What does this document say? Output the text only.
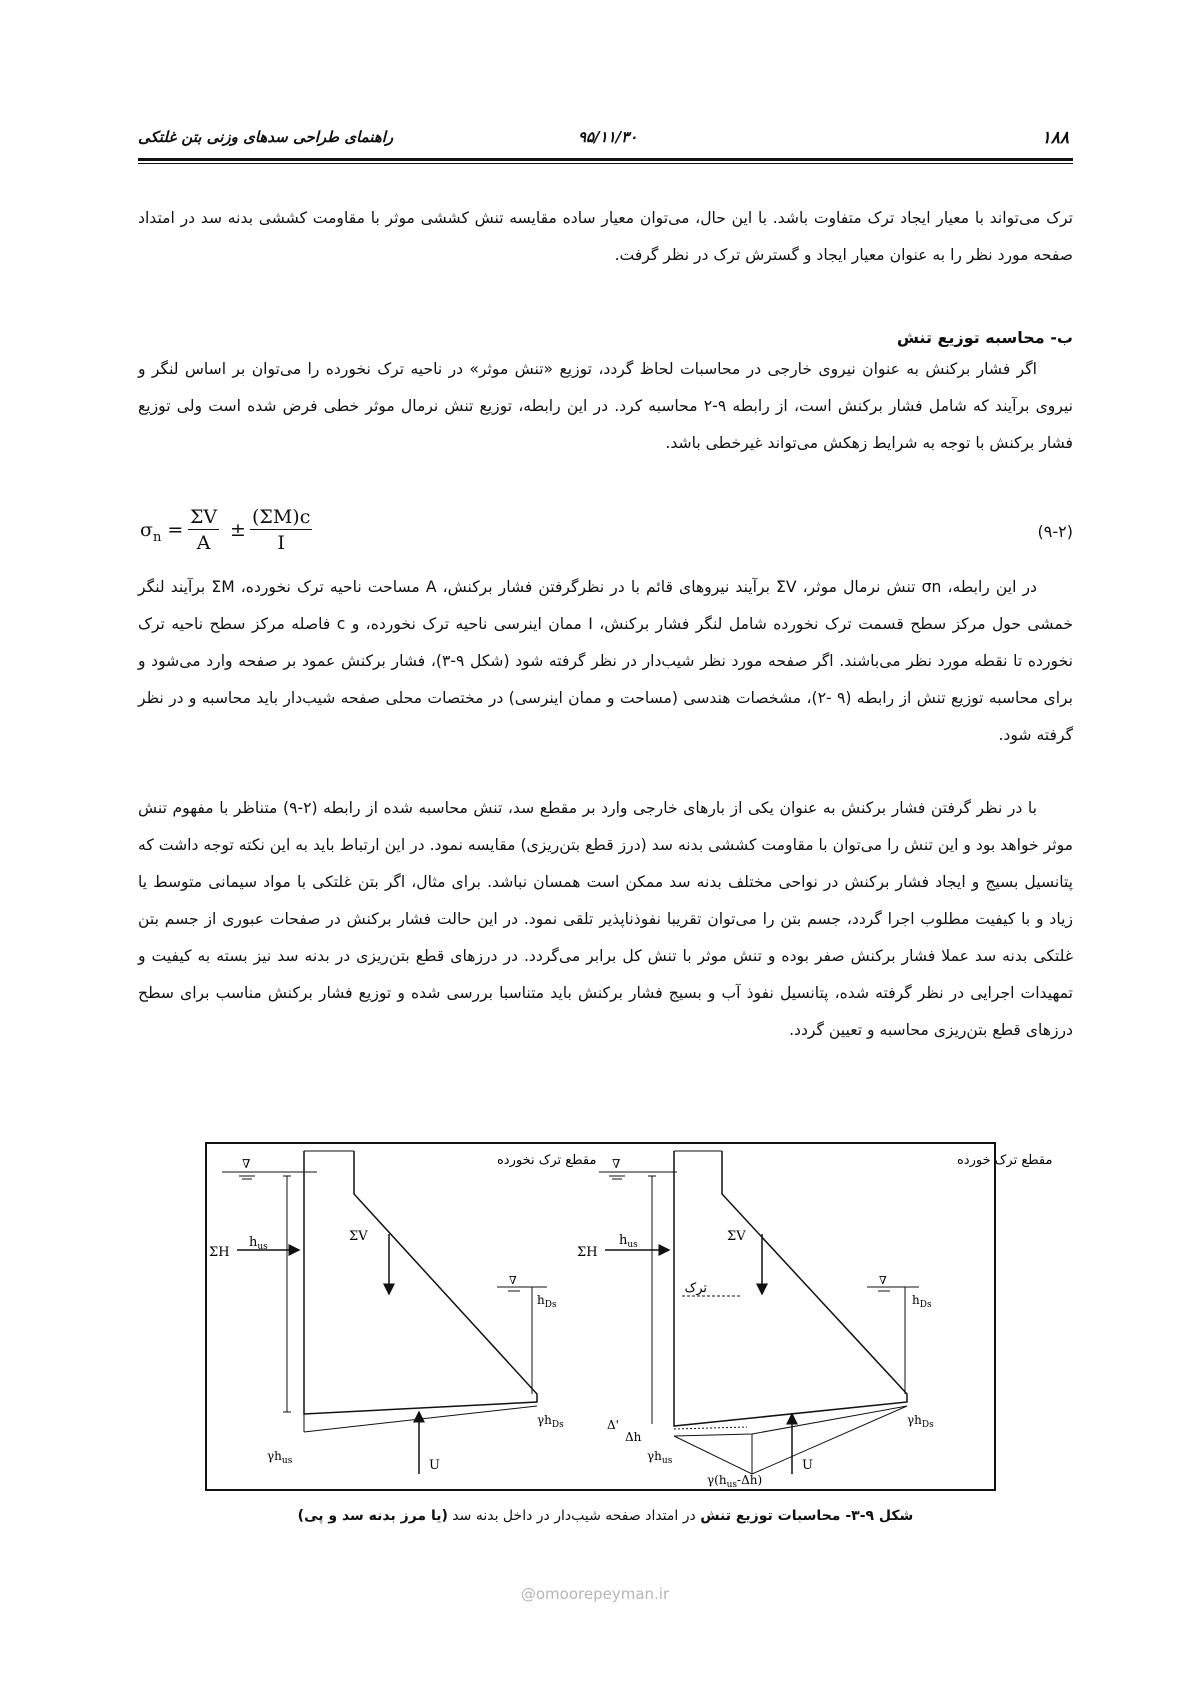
۱۸۸
۹۵/۱۱/۳۰
راهنمای طراحی سدهای وزنی بتن غلتکی

ترک می‌تواند با معیار ایجاد ترک متفاوت باشد. با این حال، می‌توان معیار ساده مقایسه تنش کششی موثر با مقاومت کششی بدنه سد در امتداد صفحه مورد نظر را به عنوان معیار ایجاد و گسترش ترک در نظر گرفت.

ب- محاسبه توزیع تنش

اگر فشار برکنش به عنوان نیروی خارجی در محاسبات لحاظ گردد، توزیع «تنش موثر» در ناحیه ترک نخورده را می‌توان بر اساس لنگر و نیروی برآیند که شامل فشار برکنش است، از رابطه ۹-۲ محاسبه کرد. در این رابطه، توزیع تنش نرمال موثر خطی فرض شده است ولی توزیع فشار برکنش با توجه به شرایط زهکش می‌تواند غیرخطی باشد.

$\sigma_n = \frac{\Sigma V}{A} \pm \frac{(\Sigma M)c}{I}$	(۹-۲)

در این رابطه، σn تنش نرمال موثر، ΣV برآیند نیروهای قائم با در نظرگرفتن فشار برکنش، A مساحت ناحیه ترک نخورده، ΣM برآیند لنگر خمشی حول مرکز سطح قسمت ترک نخورده شامل لنگر فشار برکنش، I ممان اینرسی ناحیه ترک نخورده، و c فاصله مرکز سطح ناحیه ترک نخورده تا نقطه مورد نظر می‌باشند. اگر صفحه مورد نظر شیب‌دار در نظر گرفته شود (شکل ۹-۳)، فشار برکنش عمود بر صفحه وارد می‌شود و برای محاسبه توزیع تنش از رابطه (۹ -۲)، مشخصات هندسی (مساحت و ممان اینرسی) در مختصات محلی صفحه شیب‌دار باید محاسبه و در نظر گرفته شود.

با در نظر گرفتن فشار برکنش به عنوان یکی از بارهای خارجی وارد بر مقطع سد، تنش محاسبه شده از رابطه (۲-۹) متناظر با مفهوم تنش موثر خواهد بود و این تنش را می‌توان با مقاومت کششی بدنه سد (درز قطع بتن‌ریزی) مقایسه نمود. در این ارتباط باید به این نکته توجه داشت که پتانسیل بسیج و ایجاد فشار برکنش در نواحی مختلف بدنه سد ممکن است همسان نباشد. برای مثال، اگر بتن غلتکی با مواد سیمانی متوسط یا زیاد و با کیفیت مطلوب اجرا گردد، جسم بتن را می‌توان تقریبا نفوذناپذیر تلقی نمود. در این حالت فشار برکنش در صفحات عبوری از جسم بتن غلتکی بدنه سد عملا فشار برکنش صفر بوده و تنش موثر با تنش کل برابر می‌گردد. در درزهای قطع بتن‌ریزی در بدنه سد نیز بسته به کیفیت و تمهیدات اجرایی در نظر گرفته شده، پتانسیل نفوذ آب و بسیج فشار برکنش باید متناسبا بررسی شده و توزیع فشار برکنش مناسب برای سطح درزهای قطع بتن‌ریزی محاسبه و تعیین گردد.

∇
$h_{us}$
ΣH
ΣV
∇
$h_{Ds}$
$\gamma h_{Ds}$
$\gamma h_{us}$	U
مقطع ترک نخورده ∇
$h_{us}$
ΣH
ΣV
∇
$h_{Ds}$
$\gamma h_{Ds}$
ترک
Δ'
Δh
$\gamma h_{us}$	U
$\gamma(h_{us}-\Delta h)$
مقطع ترک خورده
شکل ۹-۳- محاسبات توزیع تنش در امتداد صفحه شیب‌دار در داخل بدنه سد (یا مرز بدنه سد و پی)
@omoorepeyman.ir
